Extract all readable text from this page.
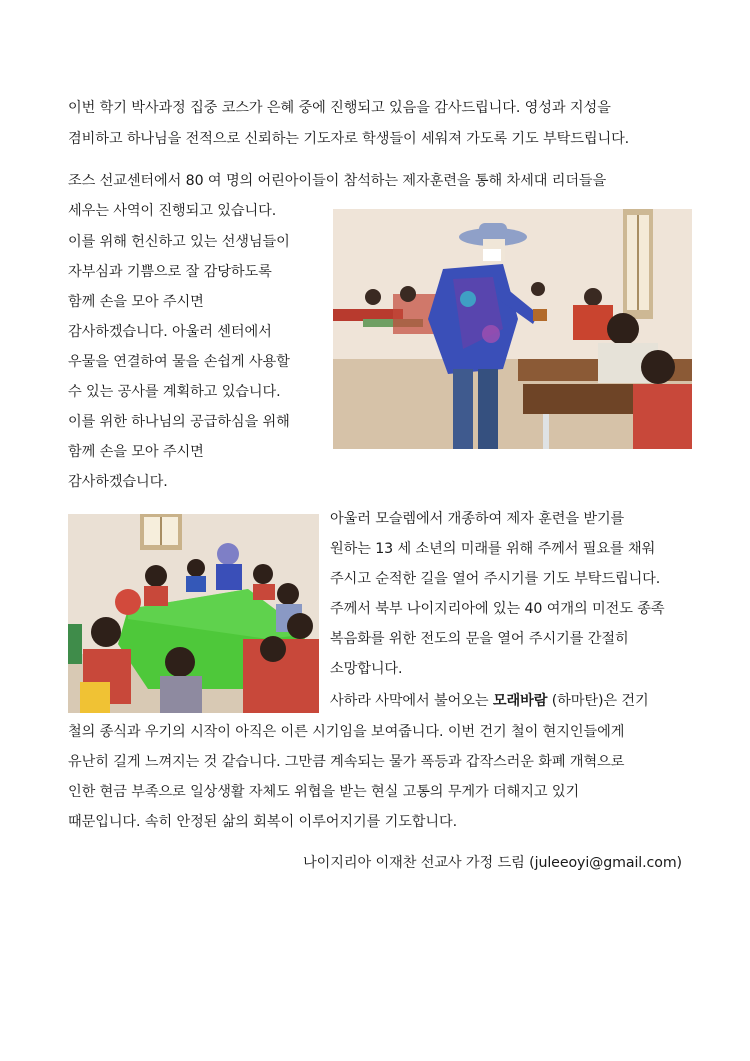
이번 학기 박사과정 집중 코스가 은혜 중에 진행되고 있음을 감사드립니다. 영성과 지성을
겸비하고 하나님을 전적으로 신뢰하는 기도자로 학생들이 세워져 가도록 기도 부탁드립니다.
조스 선교센터에서 80 여 명의 어린아이들이 참석하는 제자훈련을 통해 차세대 리더들을
세우는 사역이 진행되고 있습니다.
이를 위해 헌신하고 있는 선생님들이
자부심과 기쁨으로 잘 감당하도록
함께 손을 모아 주시면
감사하겠습니다. 아울러 센터에서
우물을 연결하여 물을 손쉽게 사용할
수 있는 공사를 계획하고 있습니다.
이를 위한 하나님의 공급하심을 위해
함께 손을 모아 주시면
감사하겠습니다.
아울러 모슬렘에서 개종하여 제자 훈련을 받기를
원하는 13 세 소년의 미래를 위해 주께서 필요를 채워
주시고 순적한 길을 열어 주시기를 기도 부탁드립니다.
주께서 북부 나이지리아에 있는 40 여개의 미전도 종족
복음화를 위한 전도의 문을 열어 주시기를 간절히
소망합니다.
사하라 사막에서 불어오는 모래바람 (하마탄)은 건기
철의 종식과 우기의 시작이 아직은 이른 시기임을 보여줍니다. 이번 건기 철이 현지인들에게
유난히 길게 느껴지는 것 같습니다. 그만큼 계속되는 물가 폭등과 갑작스러운 화폐 개혁으로
인한 현금 부족으로 일상생활 자체도 위협을 받는 현실 고통의 무게가 더해지고 있기
때문입니다. 속히 안정된 삶의 회복이 이루어지기를 기도합니다.
나이지리아 이재찬 선교사 가정 드림 (juleeoyi@gmail.com)
